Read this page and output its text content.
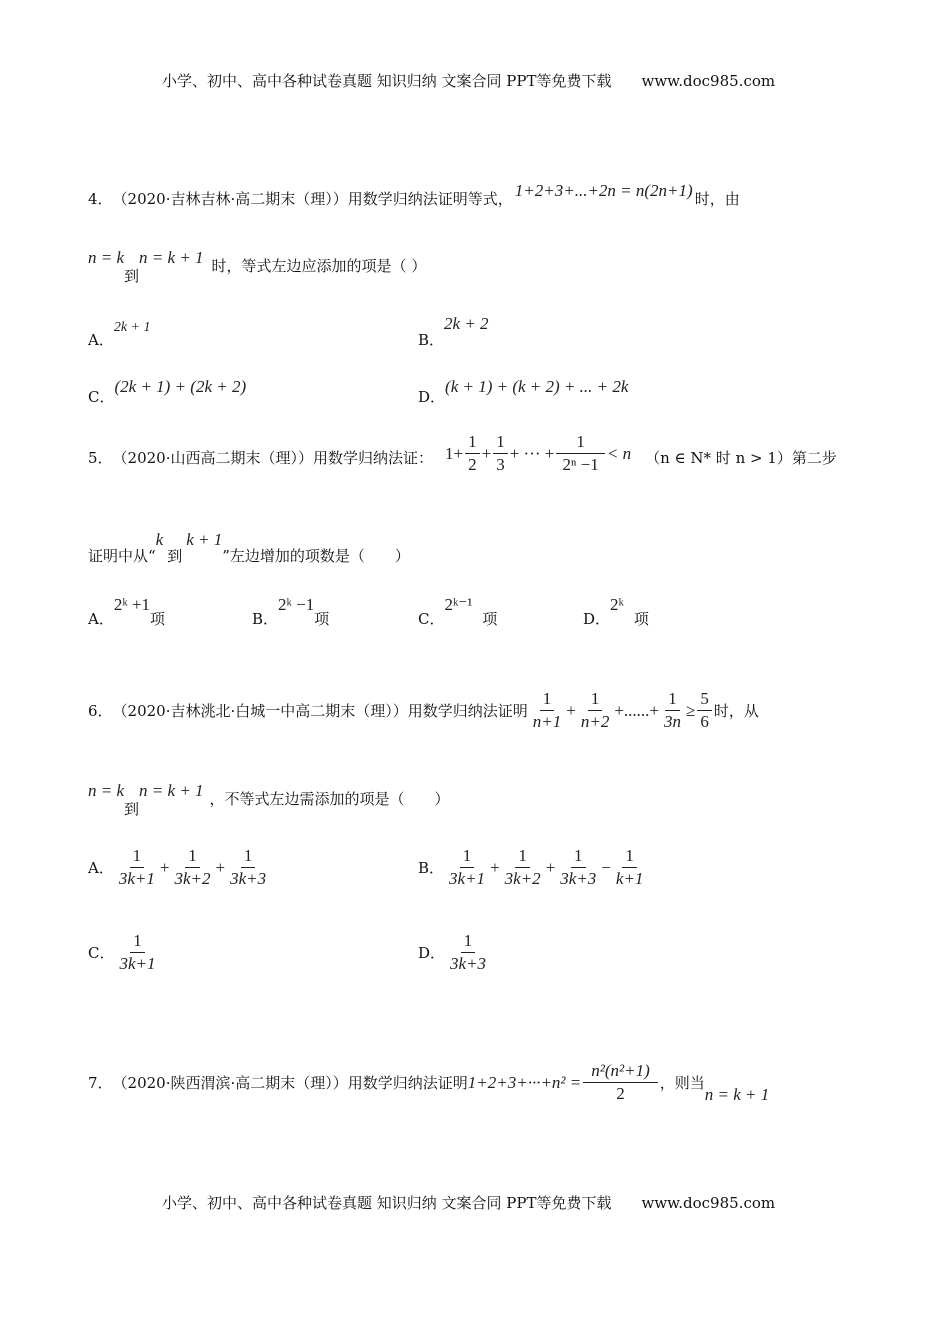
小学、初中、高中各种试卷真题 知识归纳 文案合同 PPT等免费下载 www.doc985.com
4． （2020·吉林吉林·高二期末（理）） 用数学归纳法证明等式， 1+2+3+...+2n = n(2n+1) 时，由
n = k
到
n = k + 1 时，等式左边应添加的项是（ ）
A．2k + 1
B．2k + 2
C．(2k + 1) + (2k + 2)
D．(k + 1) + (k + 2) + ... + 2k
5． （2020·山西高二期末（理）） 用数学归纳法证： $1+ \frac{1}{2} + \frac{1}{3}$ + ··· + $\frac{1}{\text{2ⁿ −1}} < n$ （n ∈ N* 时 n > 1）第二步
证明中从“
k
到
k + 1
”左边增加的项数是（　　）
A．2ᵏ +1项	B．2ᵏ −1项	C．2ᵏ⁻¹项	D．2ᵏ项
6． （2020·吉林洮北·白城一中高二期末（理）） 用数学归纳法证明 $\frac{1}{n+1} + \frac{1}{n+2}$ +......+ $\frac{1}{3n} \ge \frac{5}{6}$ 时，从
n = k
到
n = k + 1 ，不等式左边需添加的项是（　　）
A． $\frac{1}{3k+1} + \frac{1}{3k+2} + \frac{1}{3k+3}$	B． $\frac{1}{3k+1} + \frac{1}{3k+2} + \frac{1}{3k+3} - \frac{1}{k+1}$
C． $\frac{1}{3k+1}$	D． $\frac{1}{3k+3}$
7． （2020·陕西渭滨·高二期末（理）） 用数学归纳法证明 $1+2+3+\cdot\cdot\cdot+n^2 = \frac{\text{n²(n²+1)}}{2}$ ，则当
n = k + 1
小学、初中、高中各种试卷真题 知识归纳 文案合同 PPT等免费下载 www.doc985.com
